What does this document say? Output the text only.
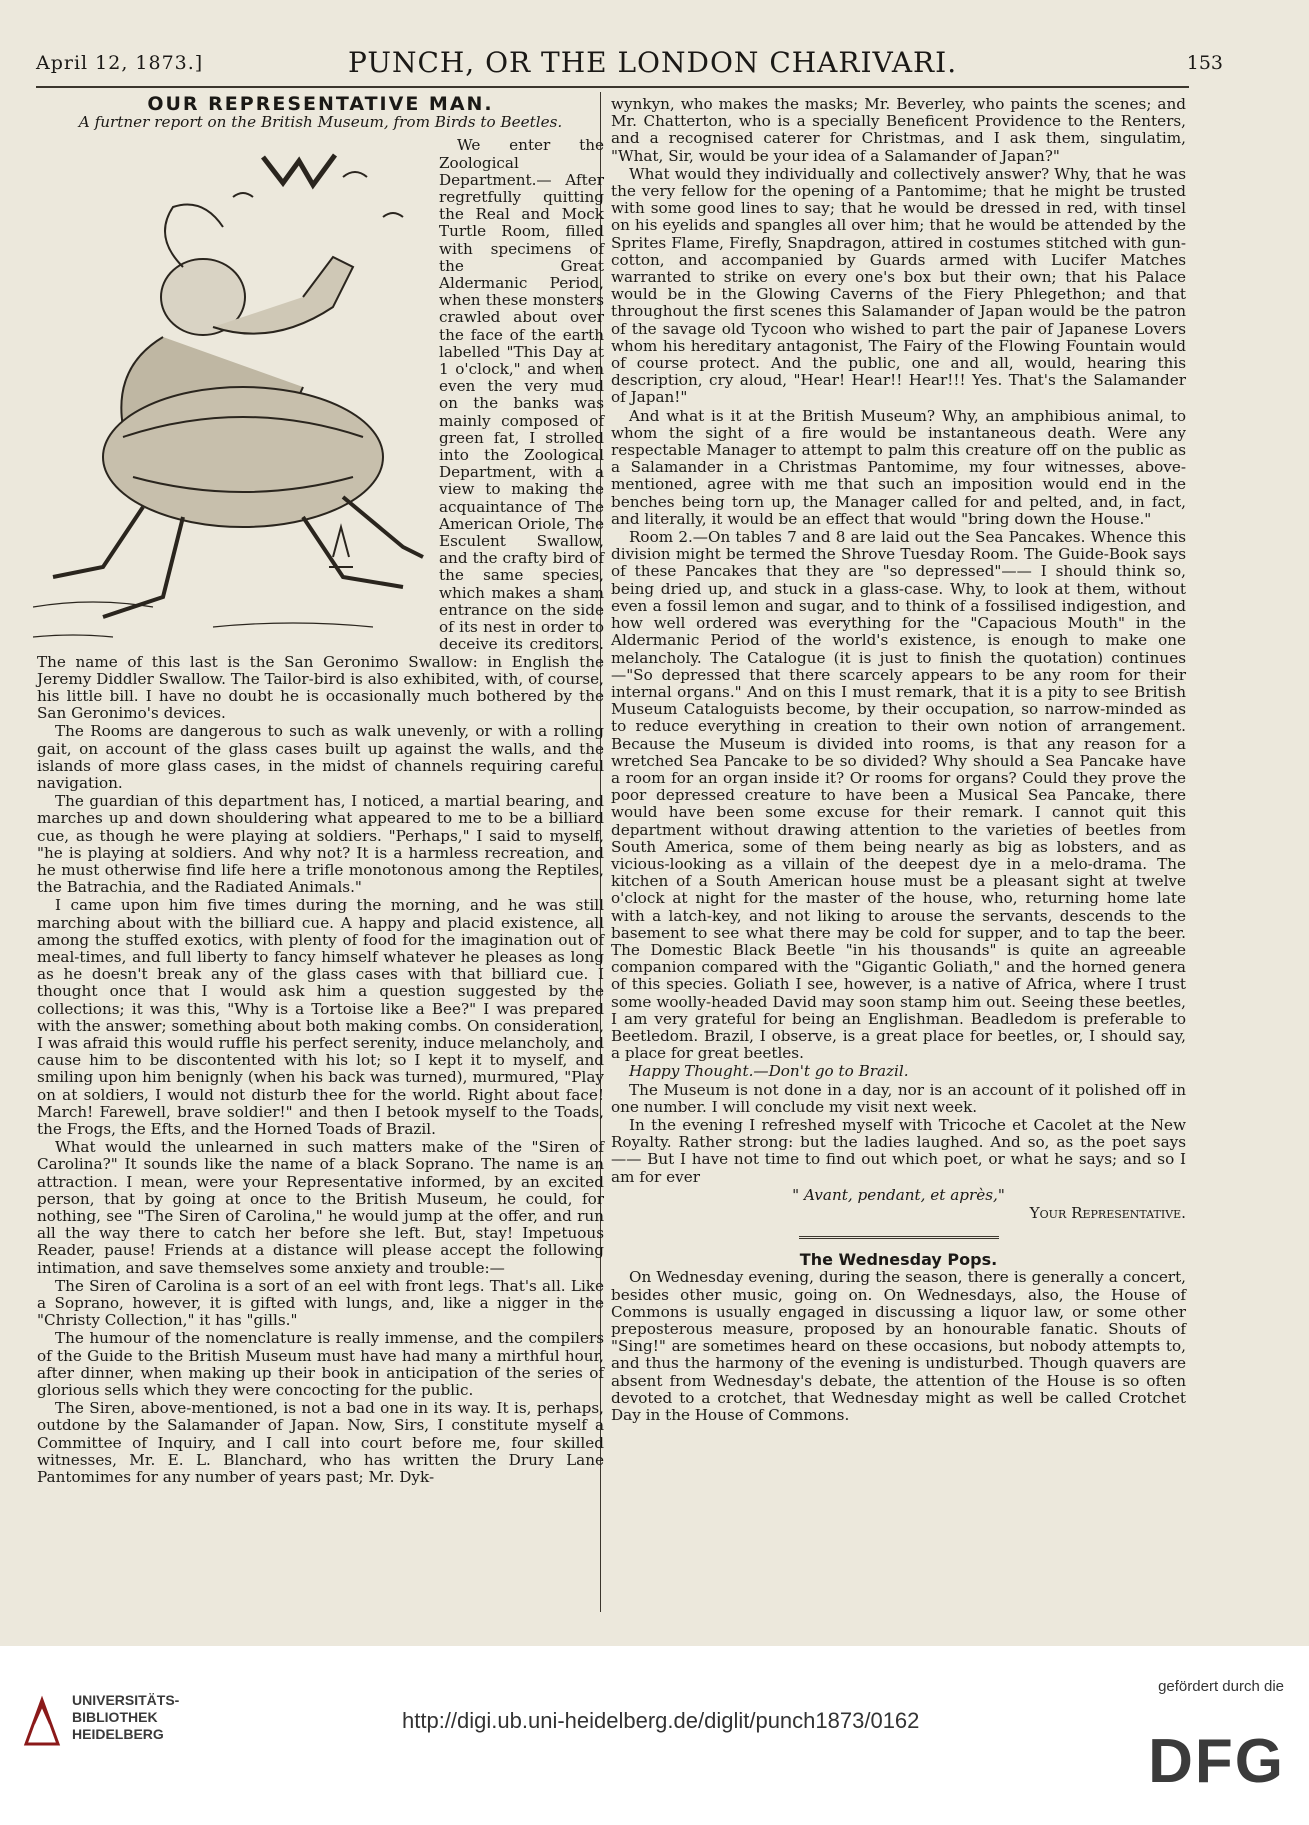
April 12, 1873.]	PUNCH, OR THE LONDON CHARIVARI.	153

OUR REPRESENTATIVE MAN.

A furtner report on the British Museum, from Birds to Beetles.

We enter the Zoological Department.— After regretfully quitting the Real and Mock Turtle Room, filled with specimens of the Great Aldermanic Period, when these monsters crawled about over the face of the earth labelled "This Day at 1 o'clock," and when even the very mud on the banks was mainly composed of green fat, I strolled into the Zoological Department, with a view to making the acquaintance of The American Oriole, The Esculent Swallow, and the crafty bird of the same species, which makes a sham entrance on the side of its nest in order to deceive its creditors. The name of this last is the San Geronimo Swallow: in English the Jeremy Diddler Swallow. The Tailor-bird is also exhibited, with, of course, his little bill. I have no doubt he is occasionally much bothered by the San Geronimo's devices.

The Rooms are dangerous to such as walk unevenly, or with a rolling gait, on account of the glass cases built up against the walls, and the islands of more glass cases, in the midst of channels requiring careful navigation.

The guardian of this department has, I noticed, a martial bearing, and marches up and down shouldering what appeared to me to be a billiard cue, as though he were playing at soldiers. "Perhaps," I said to myself, "he is playing at soldiers. And why not? It is a harmless recreation, and he must otherwise find life here a trifle monotonous among the Reptiles, the Batrachia, and the Radiated Animals."

I came upon him five times during the morning, and he was still marching about with the billiard cue. A happy and placid existence, all among the stuffed exotics, with plenty of food for the imagination out of meal-times, and full liberty to fancy himself whatever he pleases as long as he doesn't break any of the glass cases with that billiard cue. I thought once that I would ask him a question suggested by the collections; it was this, "Why is a Tortoise like a Bee?" I was prepared with the answer; something about both making combs. On consideration, I was afraid this would ruffle his perfect serenity, induce melancholy, and cause him to be discontented with his lot; so I kept it to myself, and smiling upon him benignly (when his back was turned), murmured, "Play on at soldiers, I would not disturb thee for the world. Right about face! March! Farewell, brave soldier!" and then I betook myself to the Toads, the Frogs, the Efts, and the Horned Toads of Brazil.

What would the unlearned in such matters make of the "Siren of Carolina?" It sounds like the name of a black Soprano. The name is an attraction. I mean, were your Representative informed, by an excited person, that by going at once to the British Museum, he could, for nothing, see "The Siren of Carolina," he would jump at the offer, and run all the way there to catch her before she left. But, stay! Impetuous Reader, pause! Friends at a distance will please accept the following intimation, and save themselves some anxiety and trouble:—

The Siren of Carolina is a sort of an eel with front legs. That's all. Like a Soprano, however, it is gifted with lungs, and, like a nigger in the "Christy Collection," it has "gills."

The humour of the nomenclature is really immense, and the compilers of the Guide to the British Museum must have had many a mirthful hour, after dinner, when making up their book in anticipation of the series of glorious sells which they were concocting for the public.

The Siren, above-mentioned, is not a bad one in its way. It is, perhaps, outdone by the Salamander of Japan. Now, Sirs, I constitute myself a Committee of Inquiry, and I call into court before me, four skilled witnesses, Mr. E. L. Blanchard, who has written the Drury Lane Pantomimes for any number of years past; Mr. Dyk-

wynkyn, who makes the masks; Mr. Beverley, who paints the scenes; and Mr. Chatterton, who is a specially Beneficent Providence to the Renters, and a recognised caterer for Christmas, and I ask them, singulatim, "What, Sir, would be your idea of a Salamander of Japan?"

What would they individually and collectively answer? Why, that he was the very fellow for the opening of a Pantomime; that he might be trusted with some good lines to say; that he would be dressed in red, with tinsel on his eyelids and spangles all over him; that he would be attended by the Sprites Flame, Firefly, Snapdragon, attired in costumes stitched with gun-cotton, and accompanied by Guards armed with Lucifer Matches warranted to strike on every one's box but their own; that his Palace would be in the Glowing Caverns of the Fiery Phlegethon; and that throughout the first scenes this Salamander of Japan would be the patron of the savage old Tycoon who wished to part the pair of Japanese Lovers whom his hereditary antagonist, The Fairy of the Flowing Fountain would of course protect. And the public, one and all, would, hearing this description, cry aloud, "Hear! Hear!! Hear!!! Yes. That's the Salamander of Japan!"

And what is it at the British Museum? Why, an amphibious animal, to whom the sight of a fire would be instantaneous death. Were any respectable Manager to attempt to palm this creature off on the public as a Salamander in a Christmas Pantomime, my four witnesses, above-mentioned, agree with me that such an imposition would end in the benches being torn up, the Manager called for and pelted, and, in fact, and literally, it would be an effect that would "bring down the House."

Room 2.—On tables 7 and 8 are laid out the Sea Pancakes. Whence this division might be termed the Shrove Tuesday Room. The Guide-Book says of these Pancakes that they are "so depressed"—— I should think so, being dried up, and stuck in a glass-case. Why, to look at them, without even a fossil lemon and sugar, and to think of a fossilised indigestion, and how well ordered was everything for the "Capacious Mouth" in the Aldermanic Period of the world's existence, is enough to make one melancholy. The Catalogue (it is just to finish the quotation) continues—"So depressed that there scarcely appears to be any room for their internal organs." And on this I must remark, that it is a pity to see British Museum Cataloguists become, by their occupation, so narrow-minded as to reduce everything in creation to their own notion of arrangement. Because the Museum is divided into rooms, is that any reason for a wretched Sea Pancake to be so divided? Why should a Sea Pancake have a room for an organ inside it? Or rooms for organs? Could they prove the poor depressed creature to have been a Musical Sea Pancake, there would have been some excuse for their remark. I cannot quit this department without drawing attention to the varieties of beetles from South America, some of them being nearly as big as lobsters, and as vicious-looking as a villain of the deepest dye in a melo-drama. The kitchen of a South American house must be a pleasant sight at twelve o'clock at night for the master of the house, who, returning home late with a latch-key, and not liking to arouse the servants, descends to the basement to see what there may be cold for supper, and to tap the beer. The Domestic Black Beetle "in his thousands" is quite an agreeable companion compared with the "Gigantic Goliath," and the horned genera of this species. Goliath I see, however, is a native of Africa, where I trust some woolly-headed David may soon stamp him out. Seeing these beetles, I am very grateful for being an Englishman. Beadledom is preferable to Beetledom. Brazil, I observe, is a great place for beetles, or, I should say, a place for great beetles.

Happy Thought.—Don't go to Brazil.

The Museum is not done in a day, nor is an account of it polished off in one number. I will conclude my visit next week.

In the evening I refreshed myself with Tricoche et Cacolet at the New Royalty. Rather strong: but the ladies laughed. And so, as the poet says—— But I have not time to find out which poet, or what he says; and so I am for ever

" Avant, pendant, et après,"

Your Representative.

The Wednesday Pops.

On Wednesday evening, during the season, there is generally a concert, besides other music, going on. On Wednesdays, also, the House of Commons is usually engaged in discussing a liquor law, or some other preposterous measure, proposed by an honourable fanatic. Shouts of "Sing!" are sometimes heard on these occasions, but nobody attempts to, and thus the harmony of the evening is undisturbed. Though quavers are absent from Wednesday's debate, the attention of the House is so often devoted to a crotchet, that Wednesday might as well be called Crotchet Day in the House of Commons.

UNIVERSITÄTS-
BIBLIOTHEK
HEIDELBERG
http://digi.ub.uni-heidelberg.de/diglit/punch1873/0162
gefördert durch die
DFG
